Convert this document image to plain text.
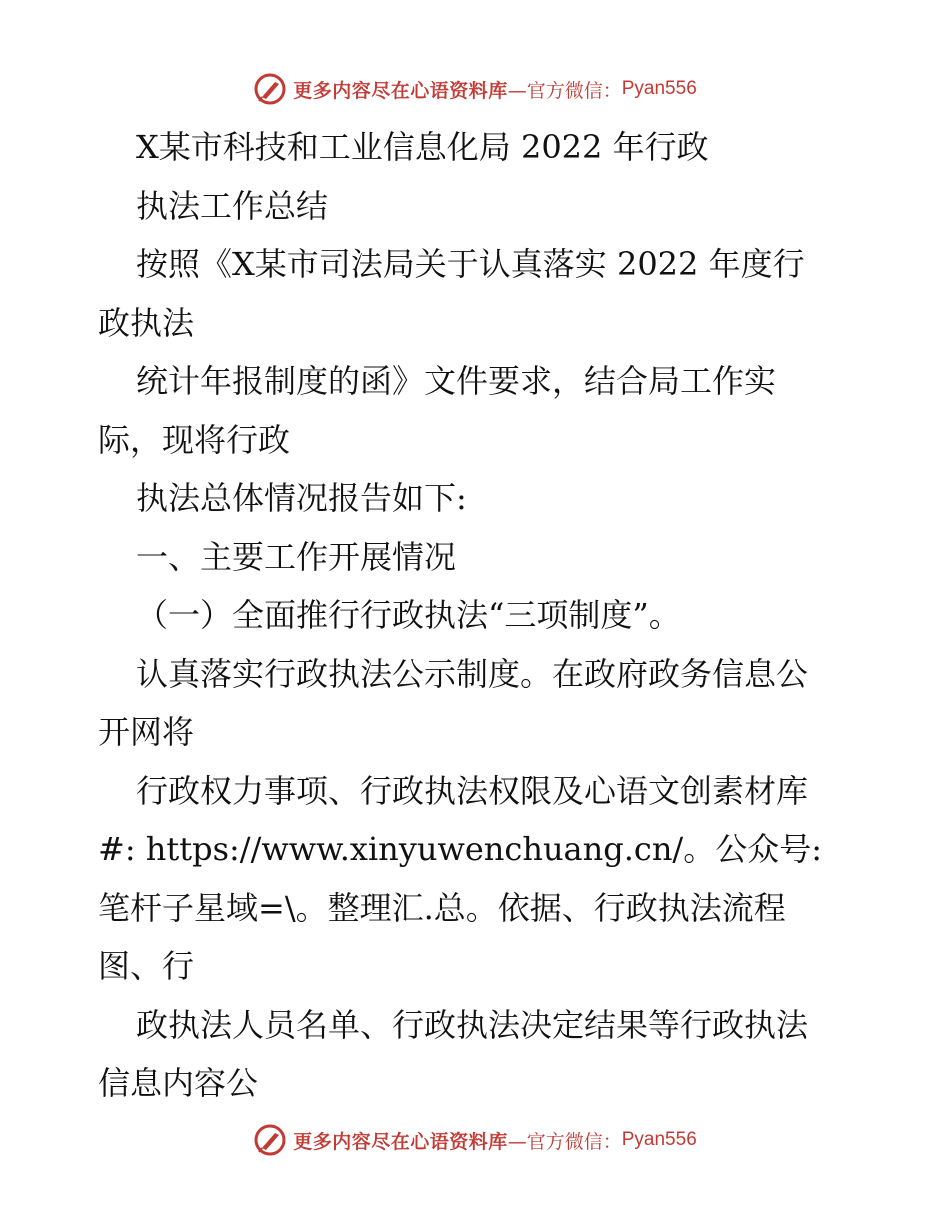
更多内容尽在心语资料库 —官方微信： Pyan556
X某市科技和工业信息化局 2022 年行政
执法工作总结
按照《X某市司法局关于认真落实 2022 年度行
政执法
统计年报制度的函》文件要求，结合局工作实
际，现将行政
执法总体情况报告如下:
一、主要工作开展情况
（一）全面推行行政执法“三项制度”。
认真落实行政执法公示制度。在政府政务信息公
开网将
行政权力事项、行政执法权限及心语文创素材库
#: https://www.xinyuwenchuang.cn/。公众号:
笔杆子星域=\。整理汇.总。依据、行政执法流程
图、行
政执法人员名单、行政执法决定结果等行政执法
信息内容公
更多内容尽在心语资料库 —官方微信： Pyan556
